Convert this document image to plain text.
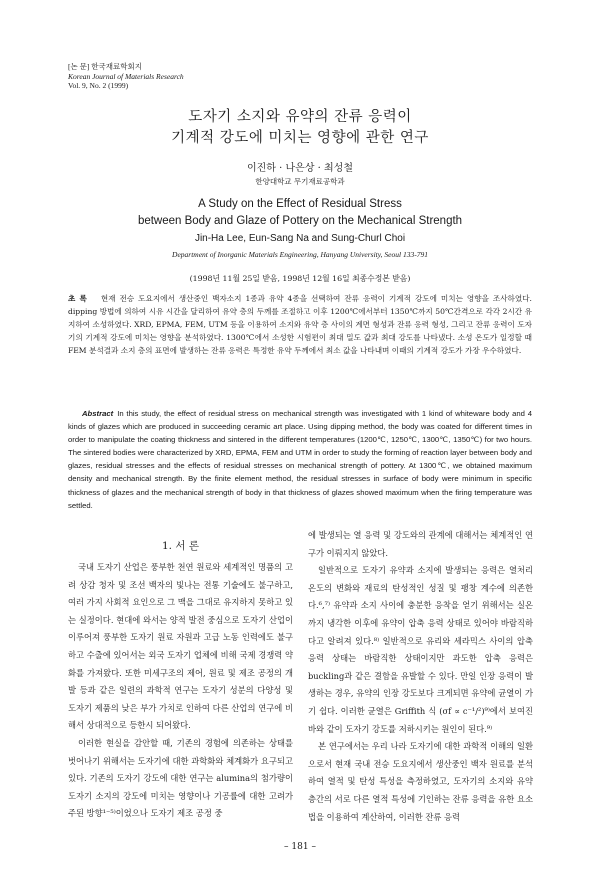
[논 문] 한국재료학회지
Korean Journal of Materials Research
Vol. 9, No. 2 (1999)
도자기 소지와 유약의 잔류 응력이
기계적 강도에 미치는 영향에 관한 연구
이진하 · 나은상 · 최성철
한양대학교 무기재료공학과
A Study on the Effect of Residual Stress
between Body and Glaze of Pottery on the Mechanical Strength
Jin-Ha Lee, Eun-Sang Na and Sung-Churl Choi
Department of Inorganic Materials Engineering, Hanyang University, Seoul 133-791
(1998년 11월 25일 받음, 1998년 12월 16일 최종수정본 받음)
초 록 현재 전승 도요지에서 생산중인 백자소지 1종과 유약 4종을 선택하여 잔류 응력이 기계적 강도에 미치는 영향을 조사하였다. dipping 방법에 의하여 시유 시간을 달리하여 유약 층의 두께를 조절하고 이후 1200℃에서부터 1350℃까지 50℃간격으로 각각 2시간 유지하여 소성하였다. XRD, EPMA, FEM, UTM 등을 이용하여 소지와 유약 층 사이의 계면 형성과 잔류 응력 형성, 그리고 잔류 응력이 도자기의 기계적 강도에 미치는 영향을 분석하였다. 1300℃에서 소성한 시험편이 최대 밀도 값과 최대 강도를 나타냈다. 소성 온도가 일정할 때 FEM 분석결과 소지 층의 표면에 발생하는 잔류 응력은 특정한 유약 두께에서 최소 값을 나타내며 이때의 기계적 강도가 가장 우수하였다.
Abstract In this study, the effect of residual stress on mechanical strength was investigated with 1 kind of whiteware body and 4 kinds of glazes which are produced in succeeding ceramic art place. Using dipping method, the body was coated for different times in order to manipulate the coating thickness and sintered in the different temperatures (1200℃, 1250℃, 1300℃, 1350℃) for two hours. The sintered bodies were characterized by XRD, EPMA, FEM and UTM in order to study the forming of reaction layer between body and glazes, residual stresses and the effects of residual stresses on mechanical strength of pottery. At 1300℃, we obtained maximum density and mechanical strength. By the finite element method, the residual stresses in surface of body were minimum in specific thickness of glazes and the mechanical strength of body in that thickness of glazes showed maximum when the firing temperature was settled.
1. 서 론

국내 도자기 산업은 풍부한 천연 원료와 세계적인 명품의 고려 상감 청자 및 조선 백자의 빛나는 전통 기술에도 불구하고, 여러 가지 사회적 요인으로 그 맥을 그대로 유지하지 못하고 있는 실정이다. 현대에 와서는 양적 발전 중심으로 도자기 산업이 이루어져 풍부한 도자기 원료 자원과 고급 노동 인력에도 불구하고 수출에 있어서는 외국 도자기 업체에 비해 국제 경쟁력 약화를 가져왔다. 또한 미세구조의 제어, 원료 및 제조 공정의 개발 등과 같은 일련의 과학적 연구는 도자기 성분의 다양성 및 도자기 제품의 낮은 부가 가치로 인하여 다른 산업의 연구에 비해서 상대적으로 등한시 되어왔다.

이러한 현실을 감안할 때, 기존의 경험에 의존하는 상태를 벗어나기 위해서는 도자기에 대한 과학화와 체계화가 요구되고 있다. 기존의 도자기 강도에 대한 연구는 alumina의 첨가량이 도자기 소지의 강도에 미치는 영향이나 기공률에 대한 고려가 주된 방향¹⁻⁵⁾이었으나 도자기 제조 공정 중

에 발생되는 열 응력 및 강도와의 관계에 대해서는 체계적인 연구가 이뤄지지 않았다.

일반적으로 도자기 유약과 소지에 발생되는 응력은 열처리 온도의 변화와 재료의 탄성적인 성질 및 팽창 계수에 의존한다.⁶,⁷⁾ 유약과 소지 사이에 충분한 응착을 얻기 위해서는 실온까지 냉각한 이후에 유약이 압축 응력 상태로 있어야 바람직하다고 알려져 있다.⁸⁾ 일반적으로 유리와 세라믹스 사이의 압축 응력 상태는 바람직한 상태이지만 과도한 압축 응력은 buckling과 같은 결함을 유발할 수 있다. 만일 인장 응력이 발생하는 경우, 유약의 인장 강도보다 크게되면 유약에 균열이 가기 쉽다. 이러한 균열은 Griffith 식 (σf ∝ c⁻¹/²)⁹⁾에서 보여진 바와 같이 도자기 강도를 저하시키는 원인이 된다.⁹⁾

본 연구에서는 우리 나라 도자기에 대한 과학적 이해의 일환으로서 현재 국내 전승 도요지에서 생산중인 백자 원료를 분석하여 열적 및 탄성 특성을 측정하였고, 도자기의 소지와 유약 층간의 서로 다른 열적 특성에 기인하는 잔류 응력을 유한 요소 법을 이용하여 계산하여, 이러한 잔류 응력

– 181 –
